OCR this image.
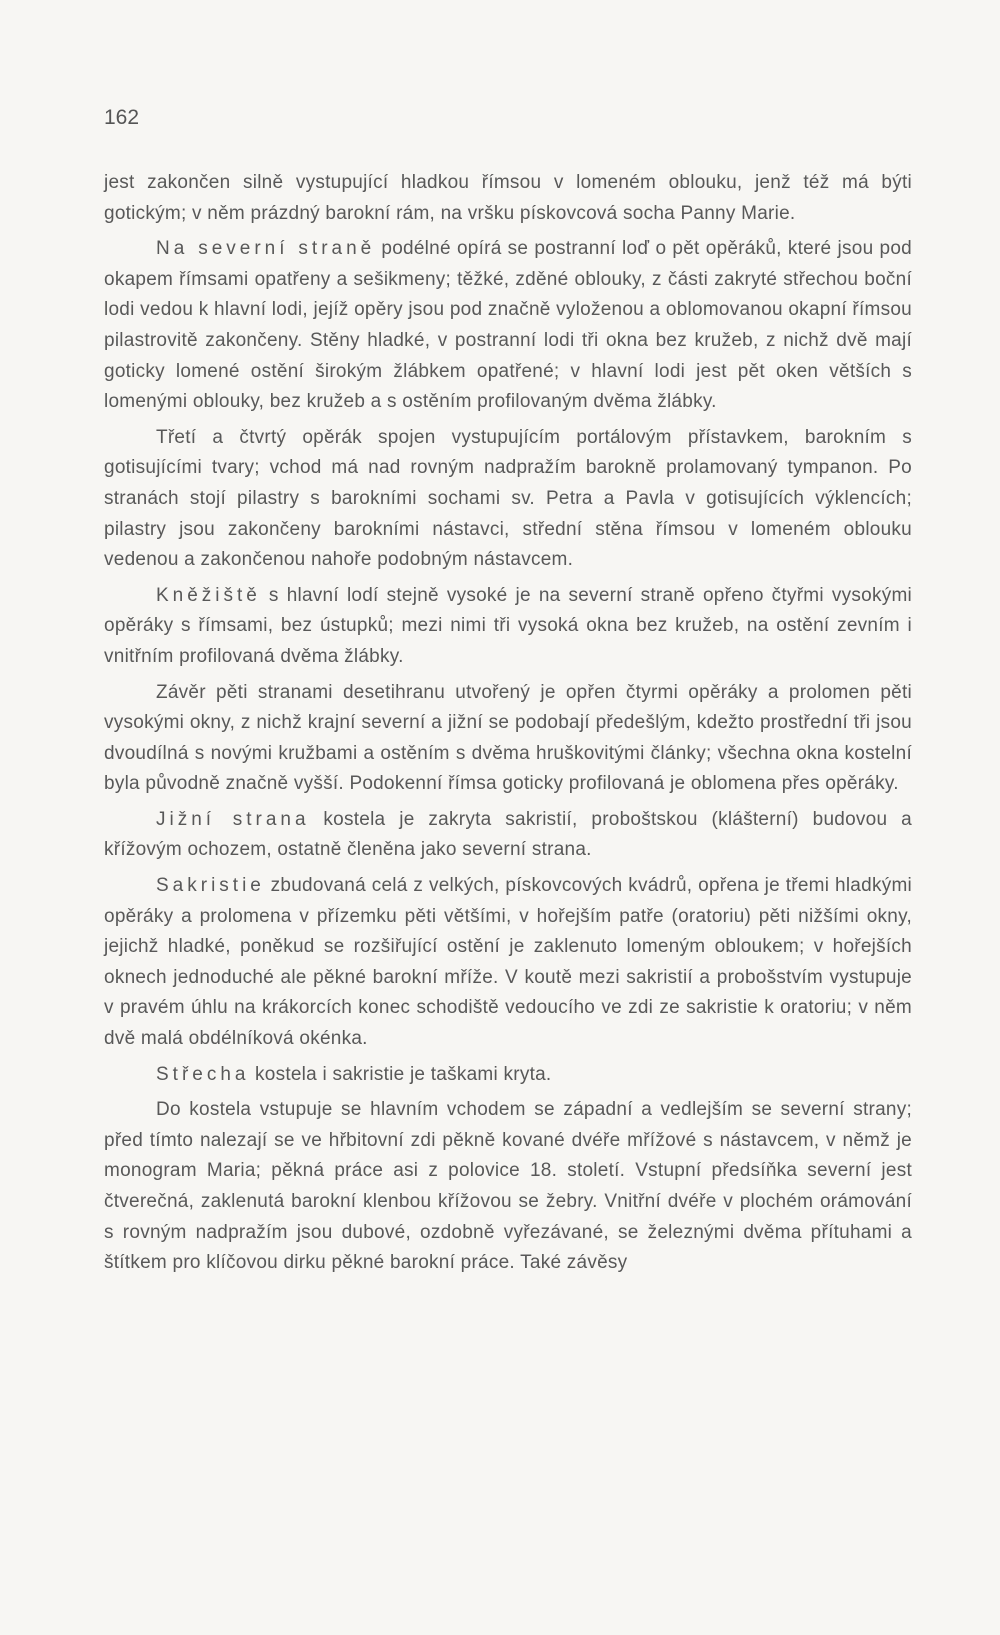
162

jest zakončen silně vystupující hladkou římsou v lomeném oblouku, jenž též má býti gotickým; v něm prázdný barokní rám, na vršku pískovcová socha Panny Marie.

Na severní straně podélné opírá se postranní loď o pět opěráků, které jsou pod okapem římsami opatřeny a sešikmeny; těžké, zděné oblouky, z části zakryté střechou boční lodi vedou k hlavní lodi, jejíž opěry jsou pod značně vyloženou a oblomovanou okapní římsou pilastrovitě zakončeny. Stěny hladké, v postranní lodi tři okna bez kružeb, z nichž dvě mají goticky lomené ostění širokým žlábkem opatřené; v hlavní lodi jest pět oken větších s lomenými oblouky, bez kružeb a s ostěním profilovaným dvěma žlábky.

Třetí a čtvrtý opěrák spojen vystupujícím portálovým přístavkem, barokním s gotisujícími tvary; vchod má nad rovným nadpražím barokně prolamovaný tympanon. Po stranách stojí pilastry s barokními sochami sv. Petra a Pavla v gotisujících výklencích; pilastry jsou zakončeny barokními nástavci, střední stěna římsou v lomeném oblouku vedenou a zakončenou nahoře podobným nástavcem.

Kněžiště s hlavní lodí stejně vysoké je na severní straně opřeno čtyřmi vysokými opěráky s římsami, bez ústupků; mezi nimi tři vysoká okna bez kružeb, na ostění zevním i vnitřním profilovaná dvěma žlábky.

Závěr pěti stranami desetihranu utvořený je opřen čtyrmi opěráky a prolomen pěti vysokými okny, z nichž krajní severní a jižní se podobají předešlým, kdežto prostřední tři jsou dvoudílná s novými kružbami a ostěním s dvěma hruškovitými články; všechna okna kostelní byla původně značně vyšší. Podokenní římsa goticky profilovaná je oblomena přes opěráky.

Jižní strana kostela je zakryta sakristií, proboštskou (klášterní) budovou a křížovým ochozem, ostatně členěna jako severní strana.

Sakristie zbudovaná celá z velkých, pískovcových kvádrů, opřena je třemi hladkými opěráky a prolomena v přízemku pěti většími, v hořejším patře (oratoriu) pěti nižšími okny, jejichž hladké, poněkud se rozšiřující ostění je zaklenuto lomeným obloukem; v hořejších oknech jednoduché ale pěkné barokní mříže. V koutě mezi sakristií a probošstvím vystupuje v pravém úhlu na krákorcích konec schodiště vedoucího ve zdi ze sakristie k oratoriu; v něm dvě malá obdélníková okénka.

Střecha kostela i sakristie je taškami kryta.

Do kostela vstupuje se hlavním vchodem se západní a vedlejším se severní strany; před tímto nalezají se ve hřbitovní zdi pěkně kované dvéře mřížové s nástavcem, v němž je monogram Maria; pěkná práce asi z polovice 18. století. Vstupní předsíňka severní jest čtverečná, zaklenutá barokní klenbou křížovou se žebry. Vnitřní dvéře v plochém orámování s rovným nadpražím jsou dubové, ozdobně vyřezávané, se železnými dvěma přítuhami a štítkem pro klíčovou dirku pěkné barokní práce. Také závěsy
